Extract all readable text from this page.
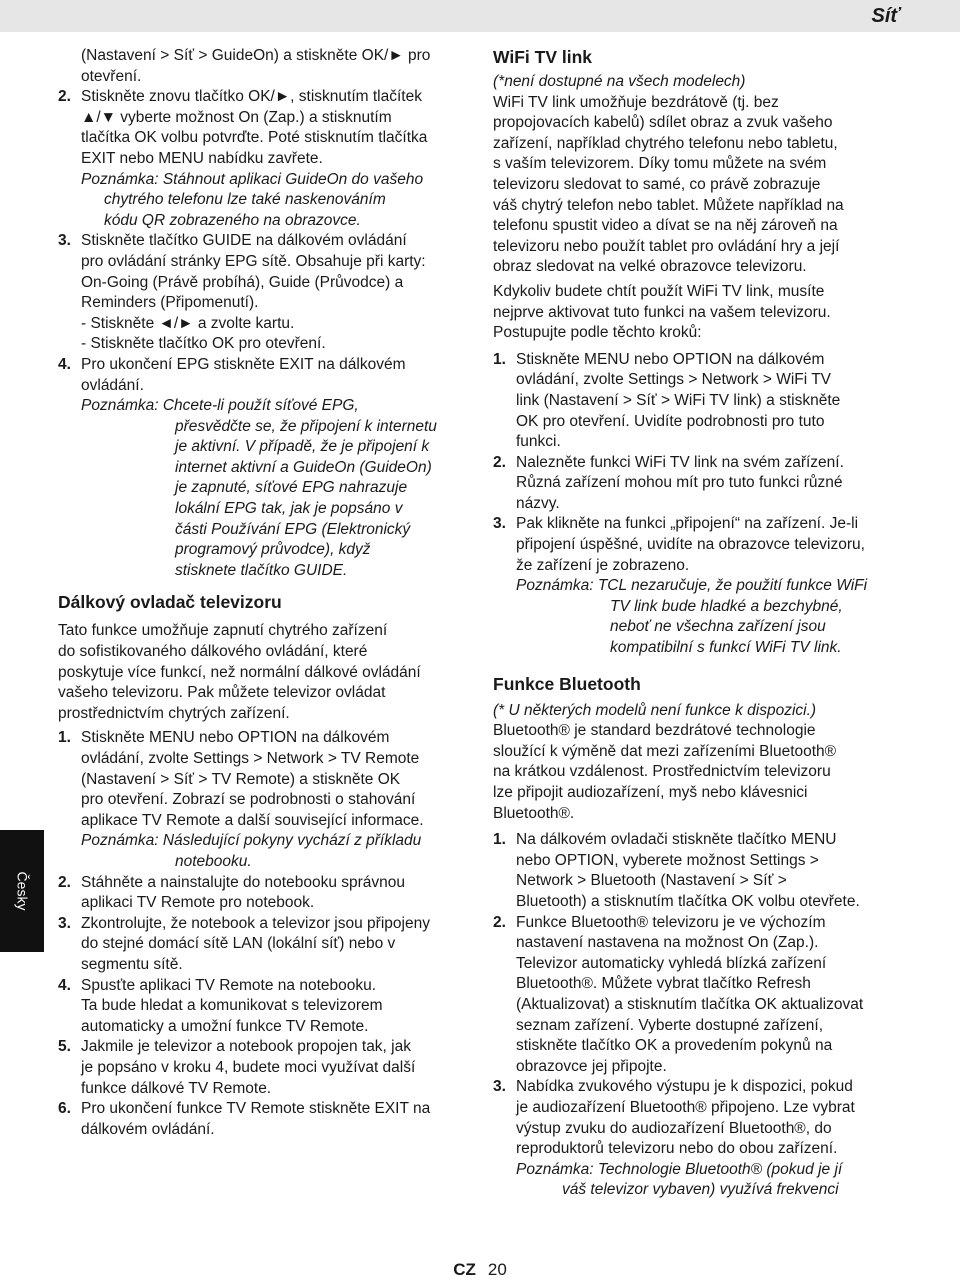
Síť
Česky

(Nastavení > Síť > GuideOn) a stiskněte OK/► pro

otevření.

2. Stiskněte znovu tlačítko OK/►, stisknutím tlačítek

▲/▼ vyberte možnost On (Zap.) a stisknutím

tlačítka OK volbu potvrďte. Poté stisknutím tlačítka

EXIT nebo MENU nabídku zavřete.

Poznámka: Stáhnout aplikaci GuideOn do vašeho

chytrého telefonu lze také naskenováním

kódu QR zobrazeného na obrazovce.

3. Stiskněte tlačítko GUIDE na dálkovém ovládání

pro ovládání stránky EPG sítě. Obsahuje při karty:

On-Going (Právě probíhá), Guide (Průvodce) a

Reminders (Připomenutí).

- Stiskněte ◄/► a zvolte kartu.

- Stiskněte tlačítko OK pro otevření.

4. Pro ukončení EPG stiskněte EXIT na dálkovém

ovládání.

Poznámka: Chcete-li použít síťové EPG,

přesvědčte se, že připojení k internetu

je aktivní. V případě, že je připojení k

internet aktivní a GuideOn (GuideOn)

je zapnuté, síťové EPG nahrazuje

lokální EPG tak, jak je popsáno v

části Používání EPG (Elektronický

programový průvodce), když

stisknete tlačítko GUIDE.

Dálkový ovladač televizoru

Tato funkce umožňuje zapnutí chytrého zařízení

do sofistikovaného dálkového ovládání, které

poskytuje více funkcí, než normální dálkové ovládání

vašeho televizoru. Pak můžete televizor ovládat

prostřednictvím chytrých zařízení.

1. Stiskněte MENU nebo OPTION na dálkovém

ovládání, zvolte Settings > Network > TV Remote

(Nastavení > Síť > TV Remote) a stiskněte OK

pro otevření. Zobrazí se podrobnosti o stahování

aplikace TV Remote a další související informace.

Poznámka: Následující pokyny vychází z příkladu

notebooku.

2. Stáhněte a nainstalujte do notebooku správnou

aplikaci TV Remote pro notebook.

3. Zkontrolujte, že notebook a televizor jsou připojeny

do stejné domácí sítě LAN (lokální síť) nebo v

segmentu sítě.

4. Spusťte aplikaci TV Remote na notebooku.

Ta bude hledat a komunikovat s televizorem

automaticky a umožní funkce TV Remote.

5. Jakmile je televizor a notebook propojen tak, jak

je popsáno v kroku 4, budete moci využívat další

funkce dálkové TV Remote.

6. Pro ukončení funkce TV Remote stiskněte EXIT na

dálkovém ovládání.

WiFi TV link

(*není dostupné na všech modelech)

WiFi TV link umožňuje bezdrátově (tj. bez

propojovacích kabelů) sdílet obraz a zvuk vašeho

zařízení, například chytrého telefonu nebo tabletu,

s vaším televizorem. Díky tomu můžete na svém

televizoru sledovat to samé, co právě zobrazuje

váš chytrý telefon nebo tablet. Můžete například na

telefonu spustit video a dívat se na něj zároveň na

televizoru nebo použít tablet pro ovládání hry a její

obraz sledovat na velké obrazovce televizoru.

Kdykoliv budete chtít použít WiFi TV link, musíte

nejprve aktivovat tuto funkci na vašem televizoru.

Postupujte podle těchto kroků:

1. Stiskněte MENU nebo OPTION na dálkovém

ovládání, zvolte Settings > Network > WiFi TV

link (Nastavení > Síť > WiFi TV link) a stiskněte

OK pro otevření. Uvidíte podrobnosti pro tuto

funkci.

2. Nalezněte funkci WiFi TV link na svém zařízení.

Různá zařízení mohou mít pro tuto funkci různé

názvy.

3. Pak klikněte na funkci „připojení“ na zařízení. Je-li

připojení úspěšné, uvidíte na obrazovce televizoru,

že zařízení je zobrazeno.

Poznámka: TCL nezaručuje, že použití funkce WiFi

TV link bude hladké a bezchybné,

neboť ne všechna zařízení jsou

kompatibilní s funkcí WiFi TV link.

Funkce Bluetooth

(* U některých modelů není funkce k dispozici.)

Bluetooth® je standard bezdrátové technologie

sloužící k výměně dat mezi zařízeními Bluetooth®

na krátkou vzdálenost. Prostřednictvím televizoru

lze připojit audiozařízení, myš nebo klávesnici

Bluetooth®.

1. Na dálkovém ovladači stiskněte tlačítko MENU

nebo OPTION, vyberete možnost Settings >

Network > Bluetooth (Nastavení > Síť >

Bluetooth) a stisknutím tlačítka OK volbu otevřete.

2. Funkce Bluetooth® televizoru je ve výchozím

nastavení nastavena na možnost On (Zap.).

Televizor automaticky vyhledá blízká zařízení

Bluetooth®. Můžete vybrat tlačítko Refresh

(Aktualizovat) a stisknutím tlačítka OK aktualizovat

seznam zařízení. Vyberte dostupné zařízení,

stiskněte tlačítko OK a provedením pokynů na

obrazovce jej připojte.

3. Nabídka zvukového výstupu je k dispozici, pokud

je audiozařízení Bluetooth® připojeno. Lze vybrat

výstup zvuku do audiozařízení Bluetooth®, do

reproduktorů televizoru nebo do obou zařízení.

Poznámka: Technologie Bluetooth® (pokud je jí

váš televizor vybaven) využívá frekvenci

CZ 20
